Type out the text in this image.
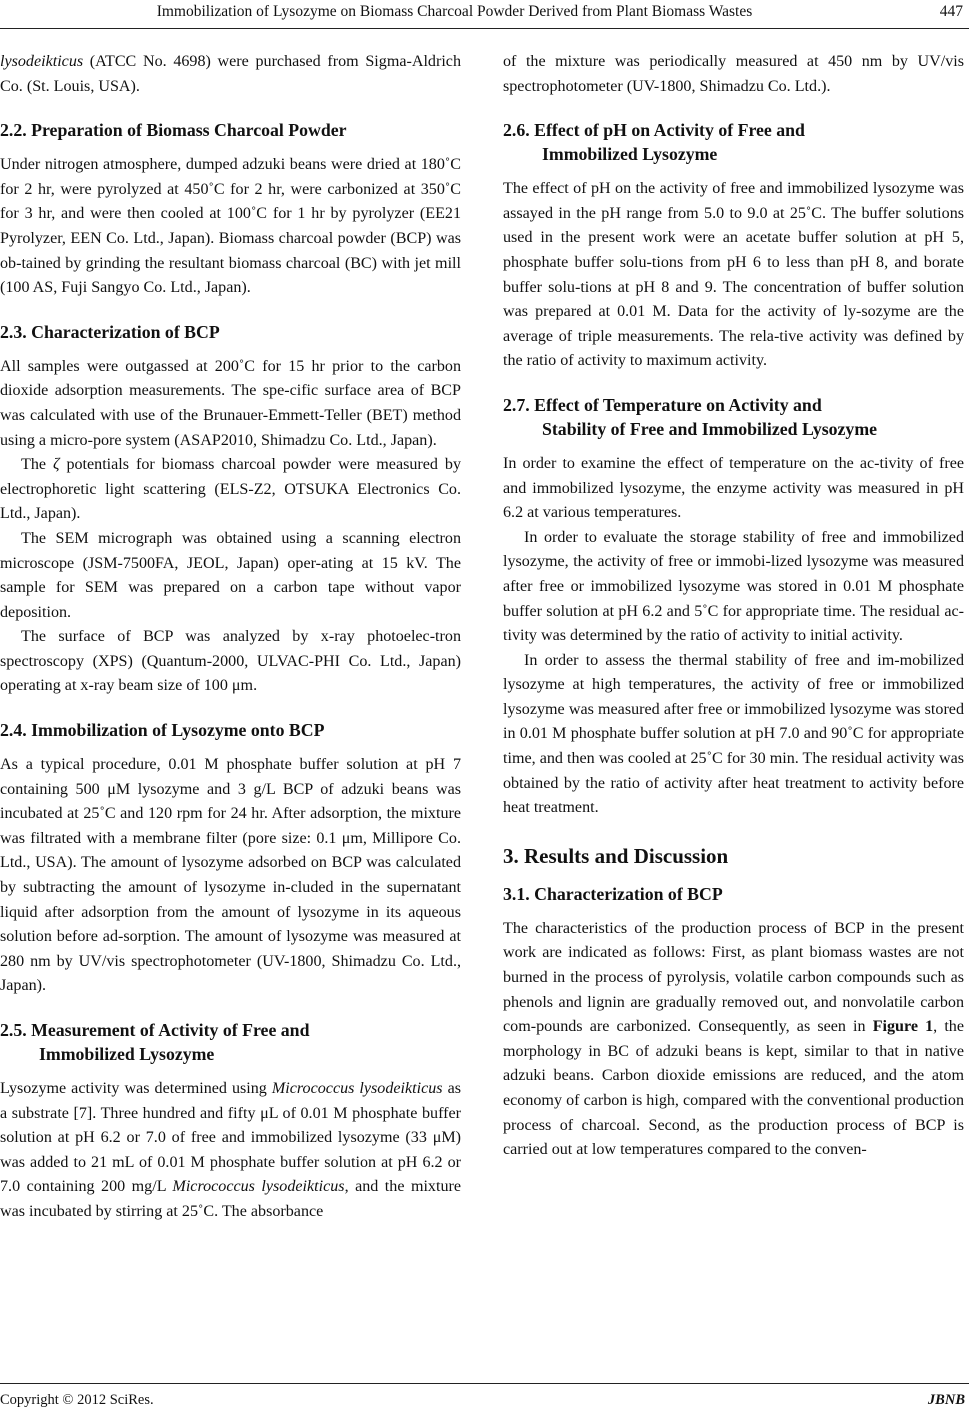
Immobilization of Lysozyme on Biomass Charcoal Powder Derived from Plant Biomass Wastes	447

lysodeikticus (ATCC No. 4698) were purchased from Sigma-Aldrich Co. (St. Louis, USA).

2.2. Preparation of Biomass Charcoal Powder

Under nitrogen atmosphere, dumped adzuki beans were dried at 180˚C for 2 hr, were pyrolyzed at 450˚C for 2 hr, were carbonized at 350˚C for 3 hr, and were then cooled at 100˚C for 1 hr by pyrolyzer (EE21 Pyrolyzer, EEN Co. Ltd., Japan). Biomass charcoal powder (BCP) was ob-tained by grinding the resultant biomass charcoal (BC) with jet mill (100 AS, Fuji Sangyo Co. Ltd., Japan).

2.3. Characterization of BCP

All samples were outgassed at 200˚C for 15 hr prior to the carbon dioxide adsorption measurements. The spe-cific surface area of BCP was calculated with use of the Brunauer-Emmett-Teller (BET) method using a micro-pore system (ASAP2010, Shimadzu Co. Ltd., Japan).

The ζ potentials for biomass charcoal powder were measured by electrophoretic light scattering (ELS-Z2, OTSUKA Electronics Co. Ltd., Japan).

The SEM micrograph was obtained using a scanning electron microscope (JSM-7500FA, JEOL, Japan) oper-ating at 15 kV. The sample for SEM was prepared on a carbon tape without vapor deposition.

The surface of BCP was analyzed by x-ray photoelec-tron spectroscopy (XPS) (Quantum-2000, ULVAC-PHI Co. Ltd., Japan) operating at x-ray beam size of 100 μm.

2.4. Immobilization of Lysozyme onto BCP

As a typical procedure, 0.01 M phosphate buffer solution at pH 7 containing 500 μM lysozyme and 3 g/L BCP of adzuki beans was incubated at 25˚C and 120 rpm for 24 hr. After adsorption, the mixture was filtrated with a membrane filter (pore size: 0.1 μm, Millipore Co. Ltd., USA). The amount of lysozyme adsorbed on BCP was calculated by subtracting the amount of lysozyme in-cluded in the supernatant liquid after adsorption from the amount of lysozyme in its aqueous solution before ad-sorption. The amount of lysozyme was measured at 280 nm by UV/vis spectrophotometer (UV-1800, Shimadzu Co. Ltd., Japan).

2.5. Measurement of Activity of Free and
Immobilized Lysozyme

Lysozyme activity was determined using Micrococcus lysodeikticus as a substrate [7]. Three hundred and fifty μL of 0.01 M phosphate buffer solution at pH 6.2 or 7.0 of free and immobilized lysozyme (33 μM) was added to 21 mL of 0.01 M phosphate buffer solution at pH 6.2 or 7.0 containing 200 mg/L Micrococcus lysodeikticus, and the mixture was incubated by stirring at 25˚C. The absorbance

of the mixture was periodically measured at 450 nm by UV/vis spectrophotometer (UV-1800, Shimadzu Co. Ltd.).

2.6. Effect of pH on Activity of Free and
Immobilized Lysozyme

The effect of pH on the activity of free and immobilized lysozyme was assayed in the pH range from 5.0 to 9.0 at 25˚C. The buffer solutions used in the present work were an acetate buffer solution at pH 5, phosphate buffer solu-tions from pH 6 to less than pH 8, and borate buffer solu-tions at pH 8 and 9. The concentration of buffer solution was prepared at 0.01 M. Data for the activity of ly-sozyme are the average of triple measurements. The rela-tive activity was defined by the ratio of activity to maximum activity.

2.7. Effect of Temperature on Activity and
Stability of Free and Immobilized Lysozyme

In order to examine the effect of temperature on the ac-tivity of free and immobilized lysozyme, the enzyme activity was measured in pH 6.2 at various temperatures.

In order to evaluate the storage stability of free and immobilized lysozyme, the activity of free or immobi-lized lysozyme was measured after free or immobilized lysozyme was stored in 0.01 M phosphate buffer solution at pH 6.2 and 5˚C for appropriate time. The residual ac-tivity was determined by the ratio of activity to initial activity.

In order to assess the thermal stability of free and im-mobilized lysozyme at high temperatures, the activity of free or immobilized lysozyme was measured after free or immobilized lysozyme was stored in 0.01 M phosphate buffer solution at pH 7.0 and 90˚C for appropriate time, and then was cooled at 25˚C for 30 min. The residual activity was obtained by the ratio of activity after heat treatment to activity before heat treatment.

3. Results and Discussion
3.1. Characterization of BCP

The characteristics of the production process of BCP in the present work are indicated as follows: First, as plant biomass wastes are not burned in the process of pyrolysis, volatile carbon compounds such as phenols and lignin are gradually removed out, and nonvolatile carbon com-pounds are carbonized. Consequently, as seen in Figure 1, the morphology in BC of adzuki beans is kept, similar to that in native adzuki beans. Carbon dioxide emissions are reduced, and the atom economy of carbon is high, compared with the conventional production process of charcoal. Second, as the production process of BCP is carried out at low temperatures compared to the conven-

Copyright © 2012 SciRes.	JBNB
